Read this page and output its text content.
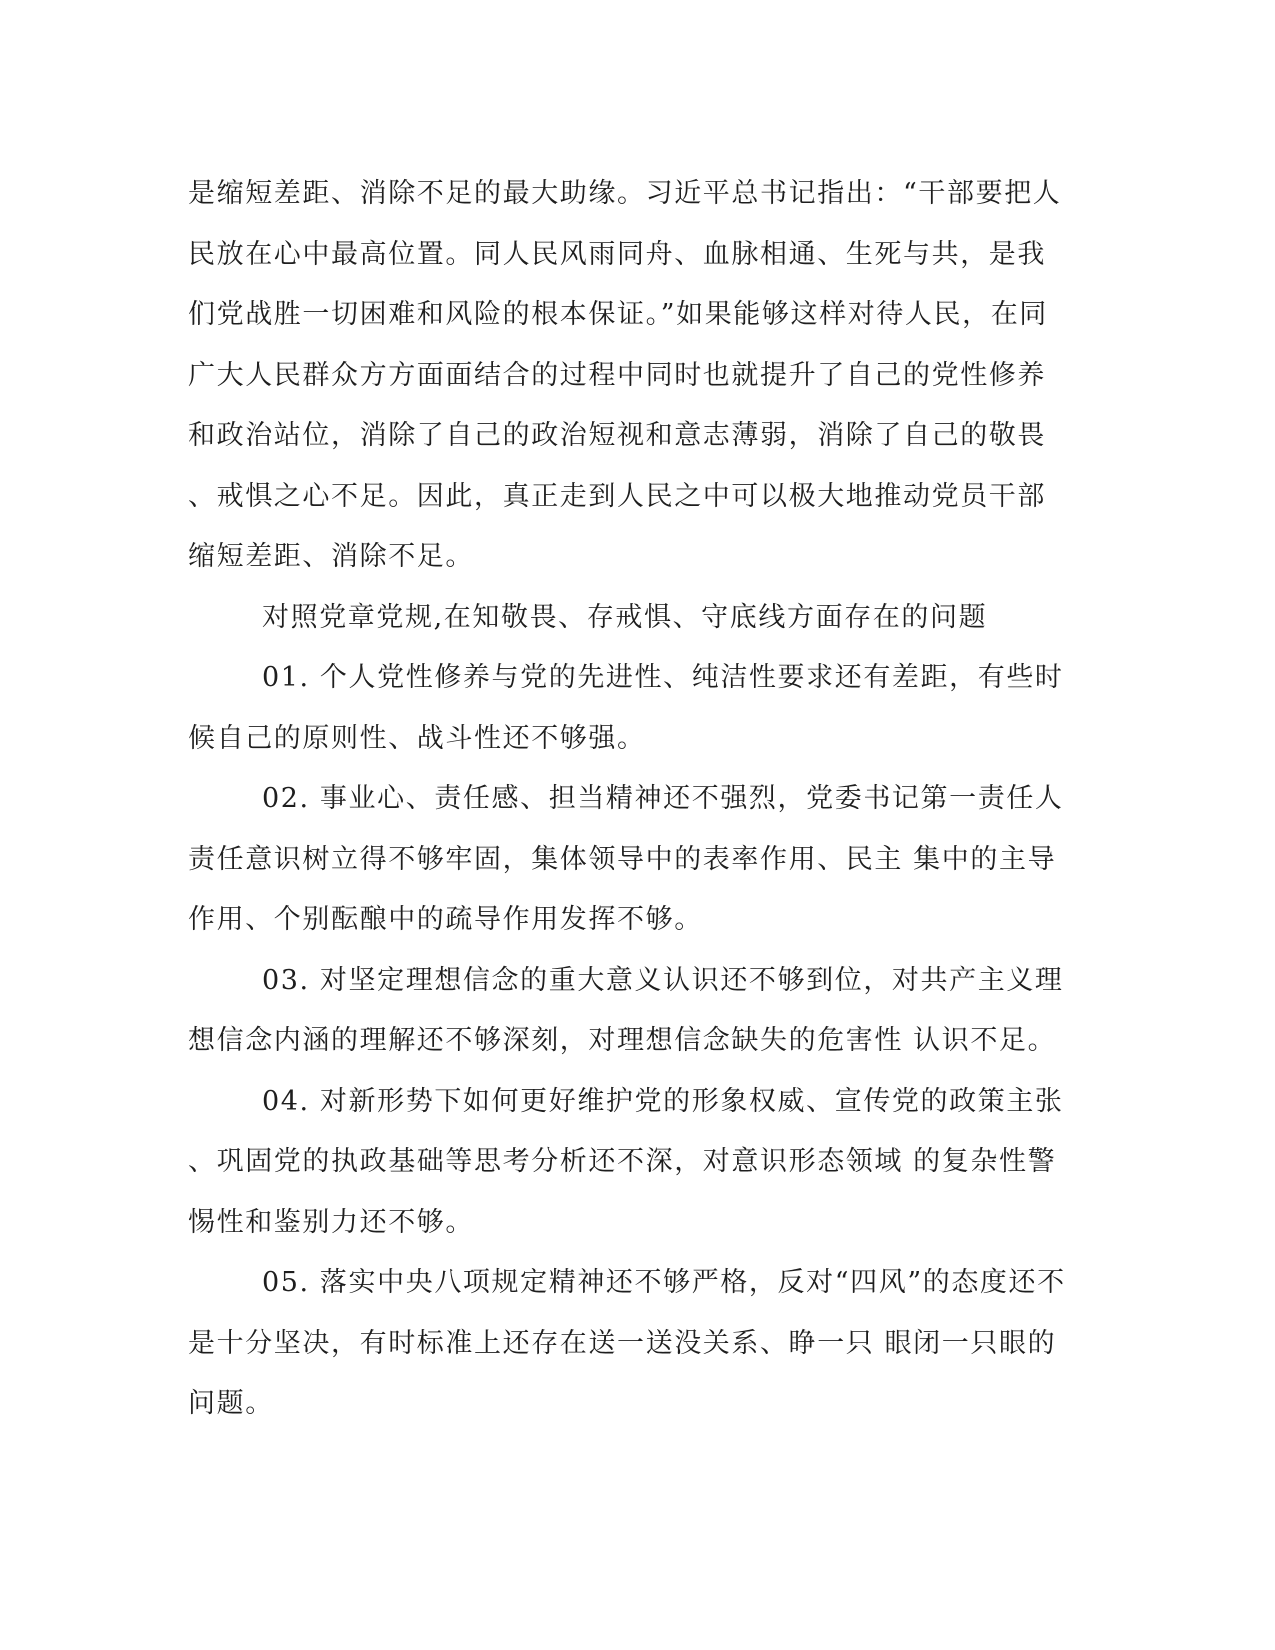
是缩短差距、消除不足的最大助缘。习近平总书记指出：“干部要把人
民放在心中最高位置。同人民风雨同舟、血脉相通、生死与共，是我
们党战胜一切困难和风险的根本保证。”如果能够这样对待人民，在同
广大人民群众方方面面结合的过程中同时也就提升了自己的党性修养
和政治站位，消除了自己的政治短视和意志薄弱，消除了自己的敬畏
、戒惧之心不足。因此，真正走到人民之中可以极大地推动党员干部
缩短差距、消除不足。
对照党章党规,在知敬畏、存戒惧、守底线方面存在的问题
01. 个人党性修养与党的先进性、纯洁性要求还有差距，有些时
候自己的原则性、战斗性还不够强。
02. 事业心、责任感、担当精神还不强烈，党委书记第一责任人
责任意识树立得不够牢固，集体领导中的表率作用、民主 集中的主导
作用、个别酝酿中的疏导作用发挥不够。
03. 对坚定理想信念的重大意义认识还不够到位，对共产主义理
想信念内涵的理解还不够深刻，对理想信念缺失的危害性 认识不足。
04. 对新形势下如何更好维护党的形象权威、宣传党的政策主张
、巩固党的执政基础等思考分析还不深，对意识形态领域 的复杂性警
惕性和鉴别力还不够。
05. 落实中央八项规定精神还不够严格，反对“四风”的态度还不
是十分坚决，有时标准上还存在送一送没关系、睁一只 眼闭一只眼的
问题。
